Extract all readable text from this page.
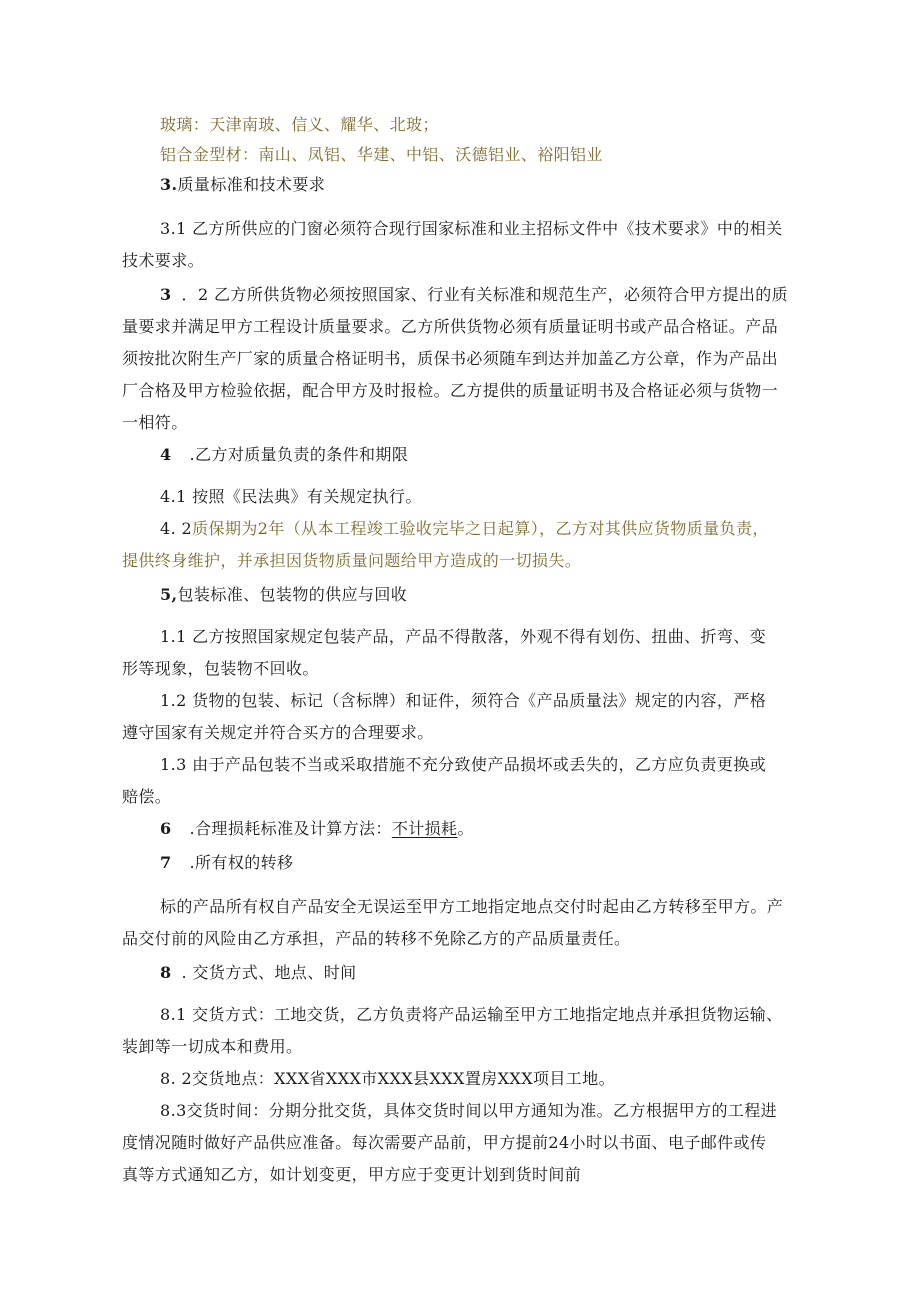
玻璃：天津南玻、信义、耀华、北玻；
铝合金型材：南山、凤铝、华建、中铝、沃德铝业、裕阳铝业
3.质量标准和技术要求
3.1 乙方所供应的门窗必须符合现行国家标准和业主招标文件中《技术要求》中的相关
技术要求。
3 ．2 乙方所供货物必须按照国家、行业有关标准和规范生产，必须符合甲方提出的质
量要求并满足甲方工程设计质量要求。乙方所供货物必须有质量证明书或产品合格证。产品
须按批次附生产厂家的质量合格证明书，质保书必须随车到达并加盖乙方公章，作为产品出
厂合格及甲方检验依据，配合甲方及时报检。乙方提供的质量证明书及合格证必须与货物一
一相符。
4 .乙方对质量负责的条件和期限
4.1 按照《民法典》有关规定执行。
4. 2质保期为2年（从本工程竣工验收完毕之日起算），乙方对其供应货物质量负责，
提供终身维护，并承担因货物质量问题给甲方造成的一切损失。
5,包装标准、包装物的供应与回收
1.1 乙方按照国家规定包装产品，产品不得散落，外观不得有划伤、扭曲、折弯、变
形等现象，包装物不回收。
1.2 货物的包装、标记（含标牌）和证件，须符合《产品质量法》规定的内容，严格
遵守国家有关规定并符合买方的合理要求。
1.3 由于产品包装不当或采取措施不充分致使产品损坏或丢失的，乙方应负责更换或
赔偿。
6 .合理损耗标准及计算方法：不计损耗。
7 .所有权的转移
标的产品所有权自产品安全无误运至甲方工地指定地点交付时起由乙方转移至甲方。产
品交付前的风险由乙方承担，产品的转移不免除乙方的产品质量责任。
8 . 交货方式、地点、时间
8.1 交货方式：工地交货，乙方负责将产品运输至甲方工地指定地点并承担货物运输、
装卸等一切成本和费用。
8. 2交货地点：XXX省XXX市XXX县XXX置房XXX项目工地。
8.3交货时间：分期分批交货，具体交货时间以甲方通知为准。乙方根据甲方的工程进
度情况随时做好产品供应准备。每次需要产品前，甲方提前24小时以书面、电子邮件或传
真等方式通知乙方，如计划变更，甲方应于变更计划到货时间前
